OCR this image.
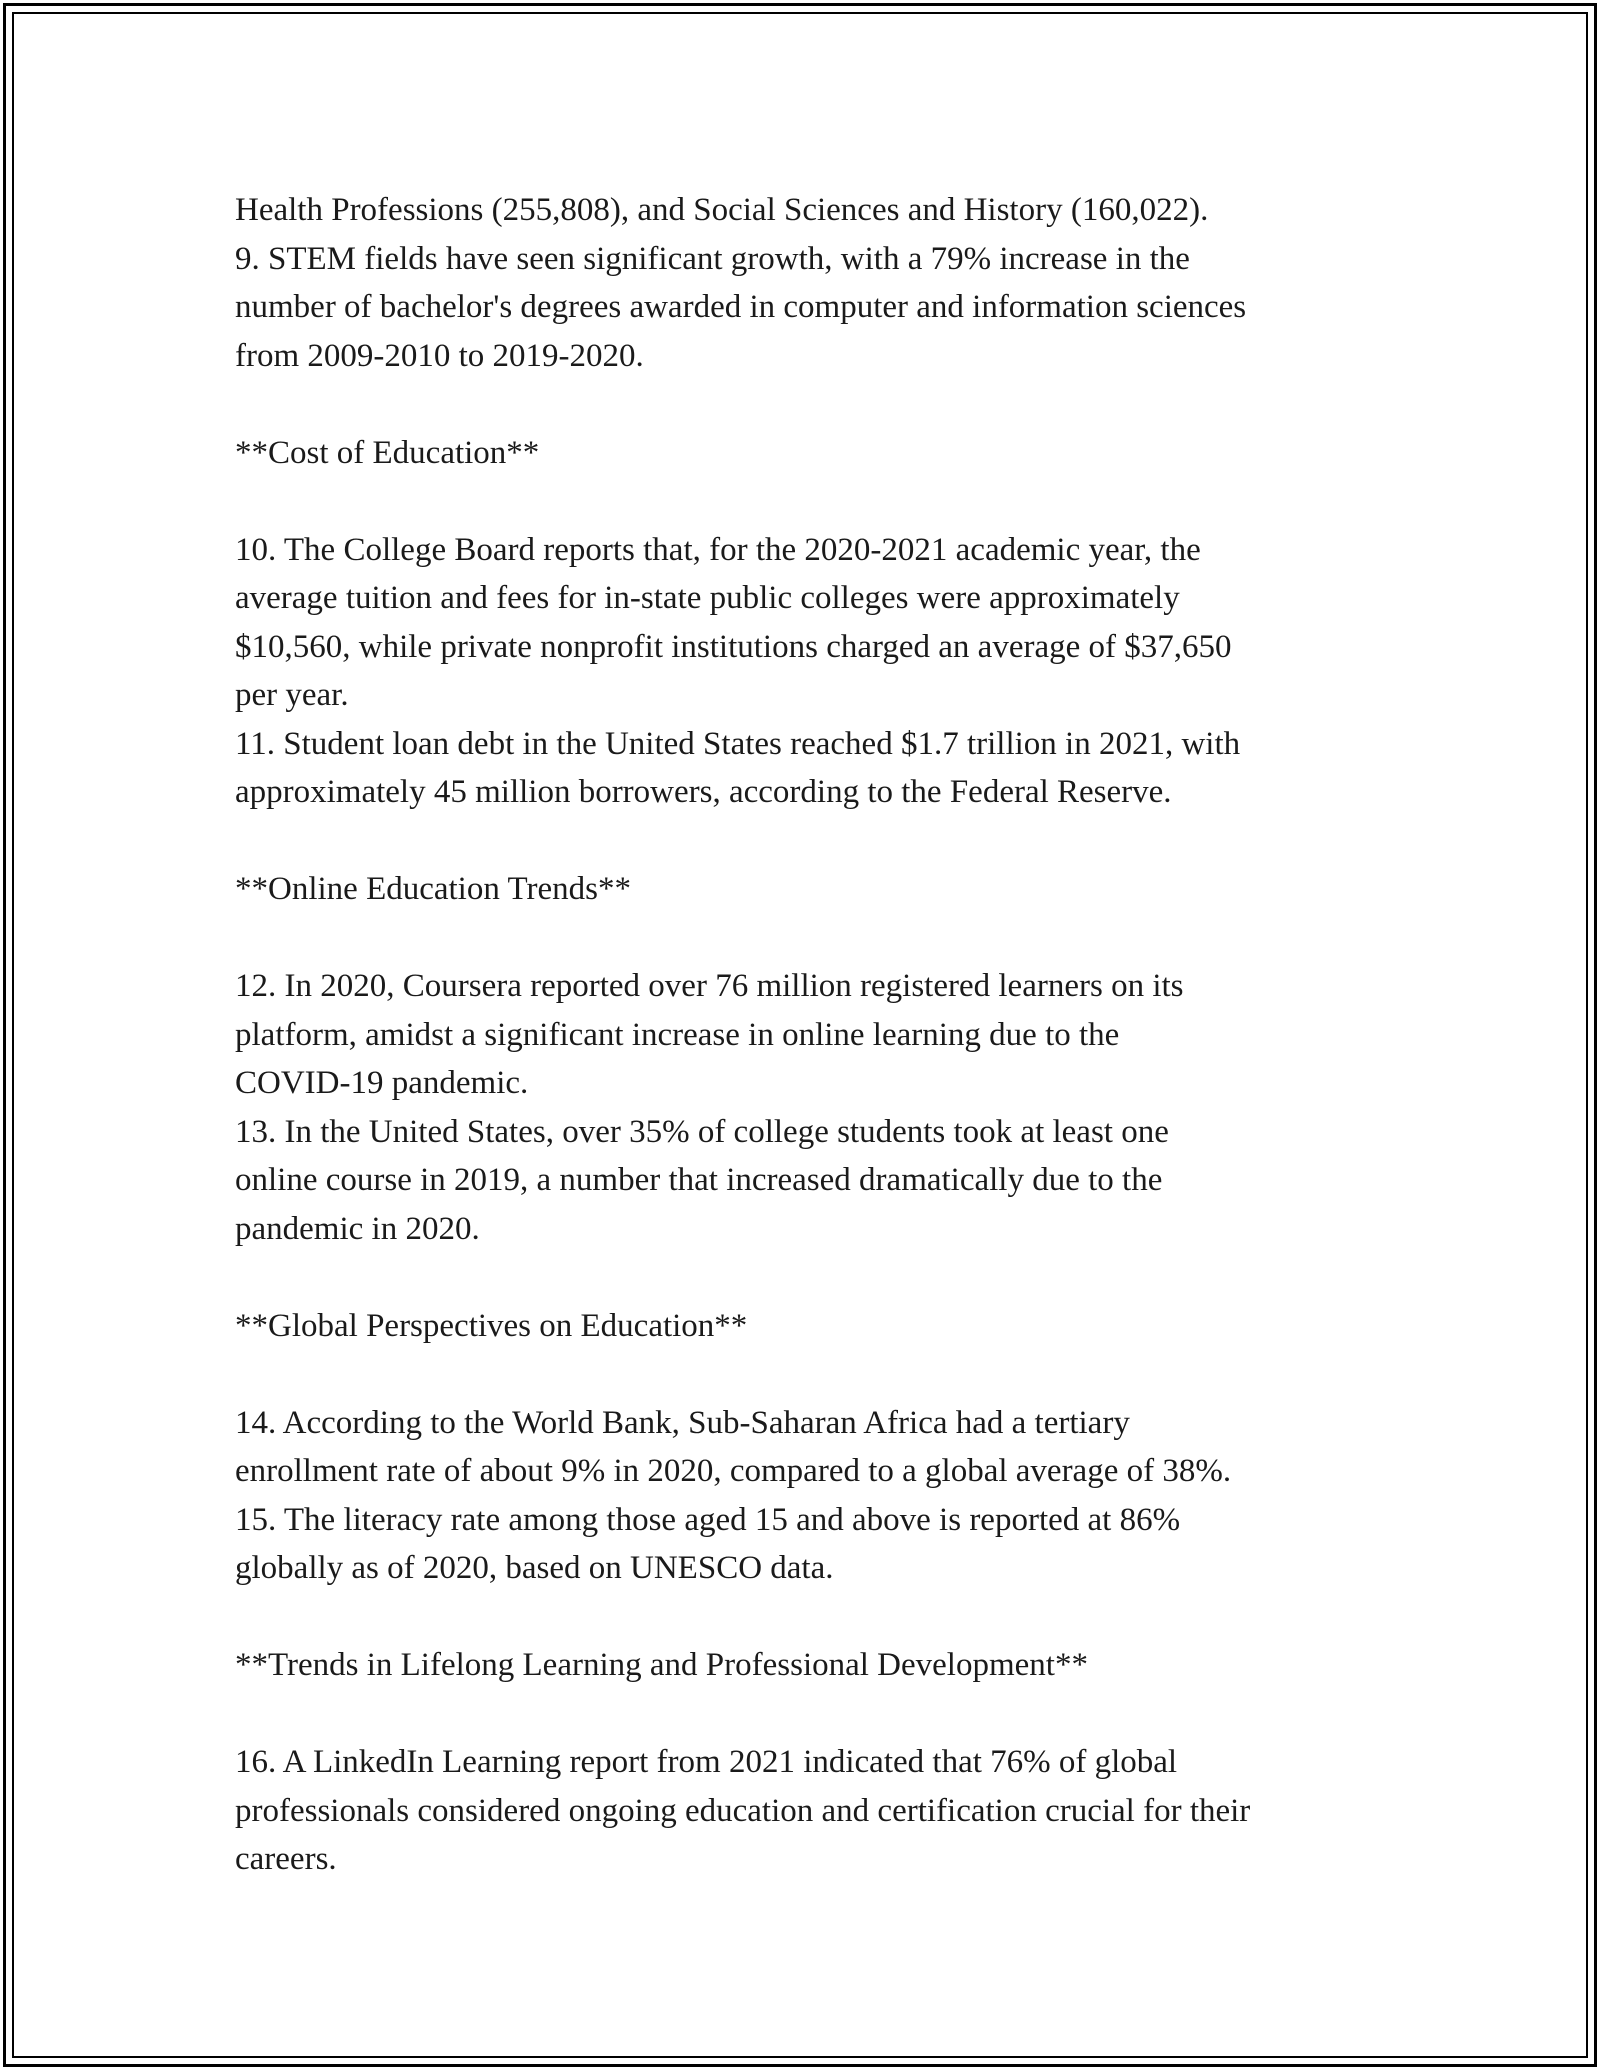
Health Professions (255,808), and Social Sciences and History (160,022).
9. STEM fields have seen significant growth, with a 79% increase in the
number of bachelor's degrees awarded in computer and information sciences
from 2009-2010 to 2019-2020.
**Cost of Education**
10. The College Board reports that, for the 2020-2021 academic year, the
average tuition and fees for in-state public colleges were approximately
$10,560, while private nonprofit institutions charged an average of $37,650
per year.
11. Student loan debt in the United States reached $1.7 trillion in 2021, with
approximately 45 million borrowers, according to the Federal Reserve.
**Online Education Trends**
12. In 2020, Coursera reported over 76 million registered learners on its
platform, amidst a significant increase in online learning due to the
COVID-19 pandemic.
13. In the United States, over 35% of college students took at least one
online course in 2019, a number that increased dramatically due to the
pandemic in 2020.
**Global Perspectives on Education**
14. According to the World Bank, Sub-Saharan Africa had a tertiary
enrollment rate of about 9% in 2020, compared to a global average of 38%.
15. The literacy rate among those aged 15 and above is reported at 86%
globally as of 2020, based on UNESCO data.
**Trends in Lifelong Learning and Professional Development**
16. A LinkedIn Learning report from 2021 indicated that 76% of global
professionals considered ongoing education and certification crucial for their
careers.
